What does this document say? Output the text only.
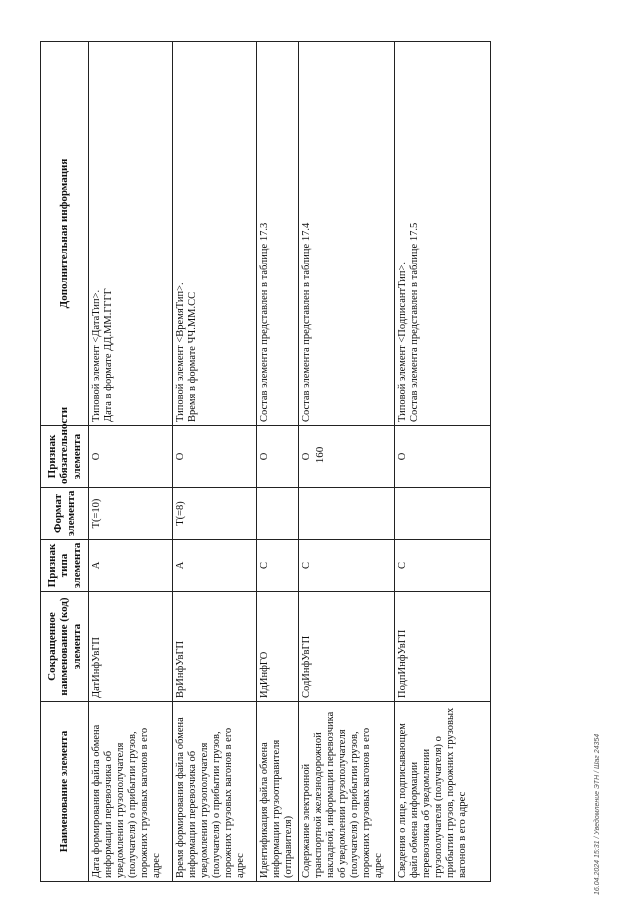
160
Наименование элемента	Сокращенное наименование (код) элемента	Признак типа элемента	Формат элемента	Признак обязательности элемента	Дополнительная информация
Дата формирования файла обмена информации перевозчика об уведомлении грузополучателя (получателя) о прибытии грузов, порожних грузовых вагонов в его адрес	ДатИнфУвГП	А	T(=10)	О	Типовой элемент <ДатаТип>. Дата в формате ДД.ММ.ГГГГ

Время формирования файла обмена информации перевозчика об уведомлении грузополучателя (получателя) о прибытии грузов, порожних грузовых вагонов в его адрес	ВрИнфУвГП	А	T(=8)	О	Типовой элемент <ВремяТип>. Время в формате ЧЧ.ММ.СС

Идентификация файла обмена информации грузоотправителя (отправителя)	ИдИнфГО	С		О	Состав элемента представлен в таблице 17.3

Содержание электронной транспортной железнодорожной накладной, информации перевозчика об уведомлении грузополучателя (получателя) о прибытии грузов, порожних грузовых вагонов в его адрес	СодИнфУвГП	С		О	Состав элемента представлен в таблице 17.4

Сведения о лице, подписывающем файл обмена информации перевозчика об уведомлении грузополучателя (получателя) о прибытии грузов, порожних грузовых вагонов в его адрес	ПодпИнфУвГП	С		О	Типовой элемент <ПодписантТип>. Состав элемента представлен в таблице 17.5
16.04.2024 15:31 / Уведомление ЭТН / Шаг 24354
